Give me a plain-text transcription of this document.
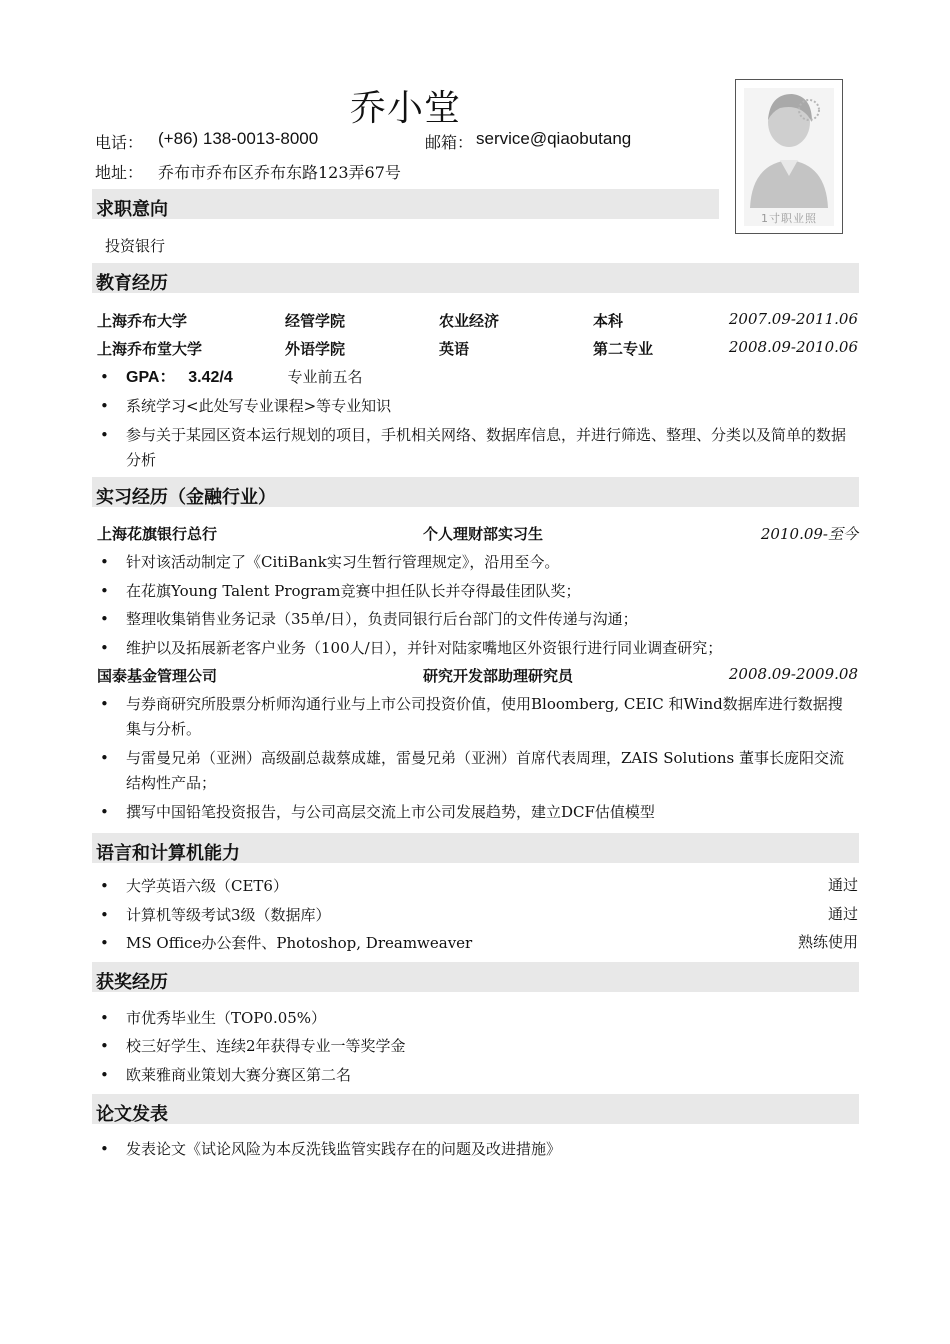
乔小堂
电话： (+86) 138-0013-8000	邮箱： service@qiaobutang
地址： 乔布市乔布区乔布东路123弄67号
1寸职业照
求职意向
投资银行
教育经历
上海乔布大学	经管学院	农业经济	本科	2007.09-2011.06
上海乔布堂大学	外语学院	英语	第二专业	2008.09-2010.06
•	GPA： 3.42/4	专业前五名
•	系统学习<此处写专业课程>等专业知识
•	参与关于某园区资本运行规划的项目，手机相关网络、数据库信息，并进行筛选、整理、分类以及简单的数据分析
实习经历（金融行业）
上海花旗银行总行	个人理财部实习生	2010.09-至今
•	针对该活动制定了《CitiBank实习生暂行管理规定》，沿用至今。
•	在花旗Young Talent Program竞赛中担任队长并夺得最佳团队奖；
•	整理收集销售业务记录（35单/日），负责同银行后台部门的文件传递与沟通；
•	维护以及拓展新老客户业务（100人/日），并针对陆家嘴地区外资银行进行同业调查研究；
国泰基金管理公司	研究开发部助理研究员	2008.09-2009.08
•	与券商研究所股票分析师沟通行业与上市公司投资价值，使用Bloomberg, CEIC 和Wind数据库进行数据搜集与分析。
•	与雷曼兄弟（亚洲）高级副总裁蔡成雄，雷曼兄弟（亚洲）首席代表周理，ZAIS Solutions 董事长庞阳交流结构性产品；
•	撰写中国铅笔投资报告，与公司高层交流上市公司发展趋势，建立DCF估值模型
语言和计算机能力
•	大学英语六级（CET6）	通过
•	计算机等级考试3级（数据库）	通过
•	MS Office办公套件、Photoshop, Dreamweaver	熟练使用
获奖经历
•	市优秀毕业生（TOP0.05%）
•	校三好学生、连续2年获得专业一等奖学金
•	欧莱雅商业策划大赛分赛区第二名
论文发表
•	发表论文《试论风险为本反洗钱监管实践存在的问题及改进措施》
